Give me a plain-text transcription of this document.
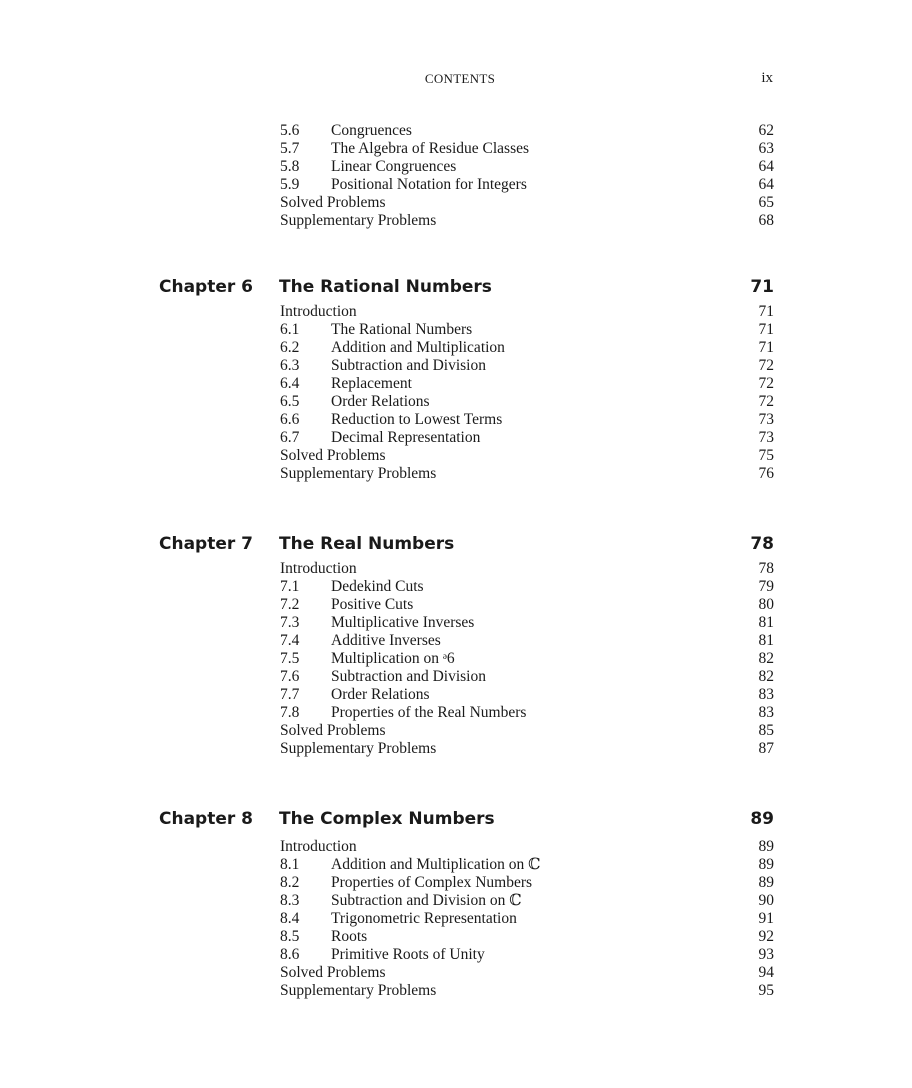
CONTENTS	ix
5.6 Congruences	62
5.7 The Algebra of Residue Classes	63
5.8 Linear Congruences	64
5.9 Positional Notation for Integers	64
Solved Problems	65
Supplementary Problems	68
Chapter 6 The Rational Numbers	71
Introduction	71
6.1 The Rational Numbers	71
6.2 Addition and Multiplication	71
6.3 Subtraction and Division	72
6.4 Replacement	72
6.5 Order Relations	72
6.6 Reduction to Lowest Terms	73
6.7 Decimal Representation	73
Solved Problems	75
Supplementary Problems	76
Chapter 7 The Real Numbers	78
Introduction	78
7.1 Dedekind Cuts	79
7.2 Positive Cuts	80
7.3 Multiplicative Inverses	81
7.4 Additive Inverses	81
7.5 Multiplication on ᵊ6	82
7.6 Subtraction and Division	82
7.7 Order Relations	83
7.8 Properties of the Real Numbers	83
Solved Problems	85
Supplementary Problems	87
Chapter 8 The Complex Numbers	89
Introduction	89
8.1 Addition and Multiplication on ℂ	89
8.2 Properties of Complex Numbers	89
8.3 Subtraction and Division on ℂ	90
8.4 Trigonometric Representation	91
8.5 Roots	92
8.6 Primitive Roots of Unity	93
Solved Problems	94
Supplementary Problems	95
